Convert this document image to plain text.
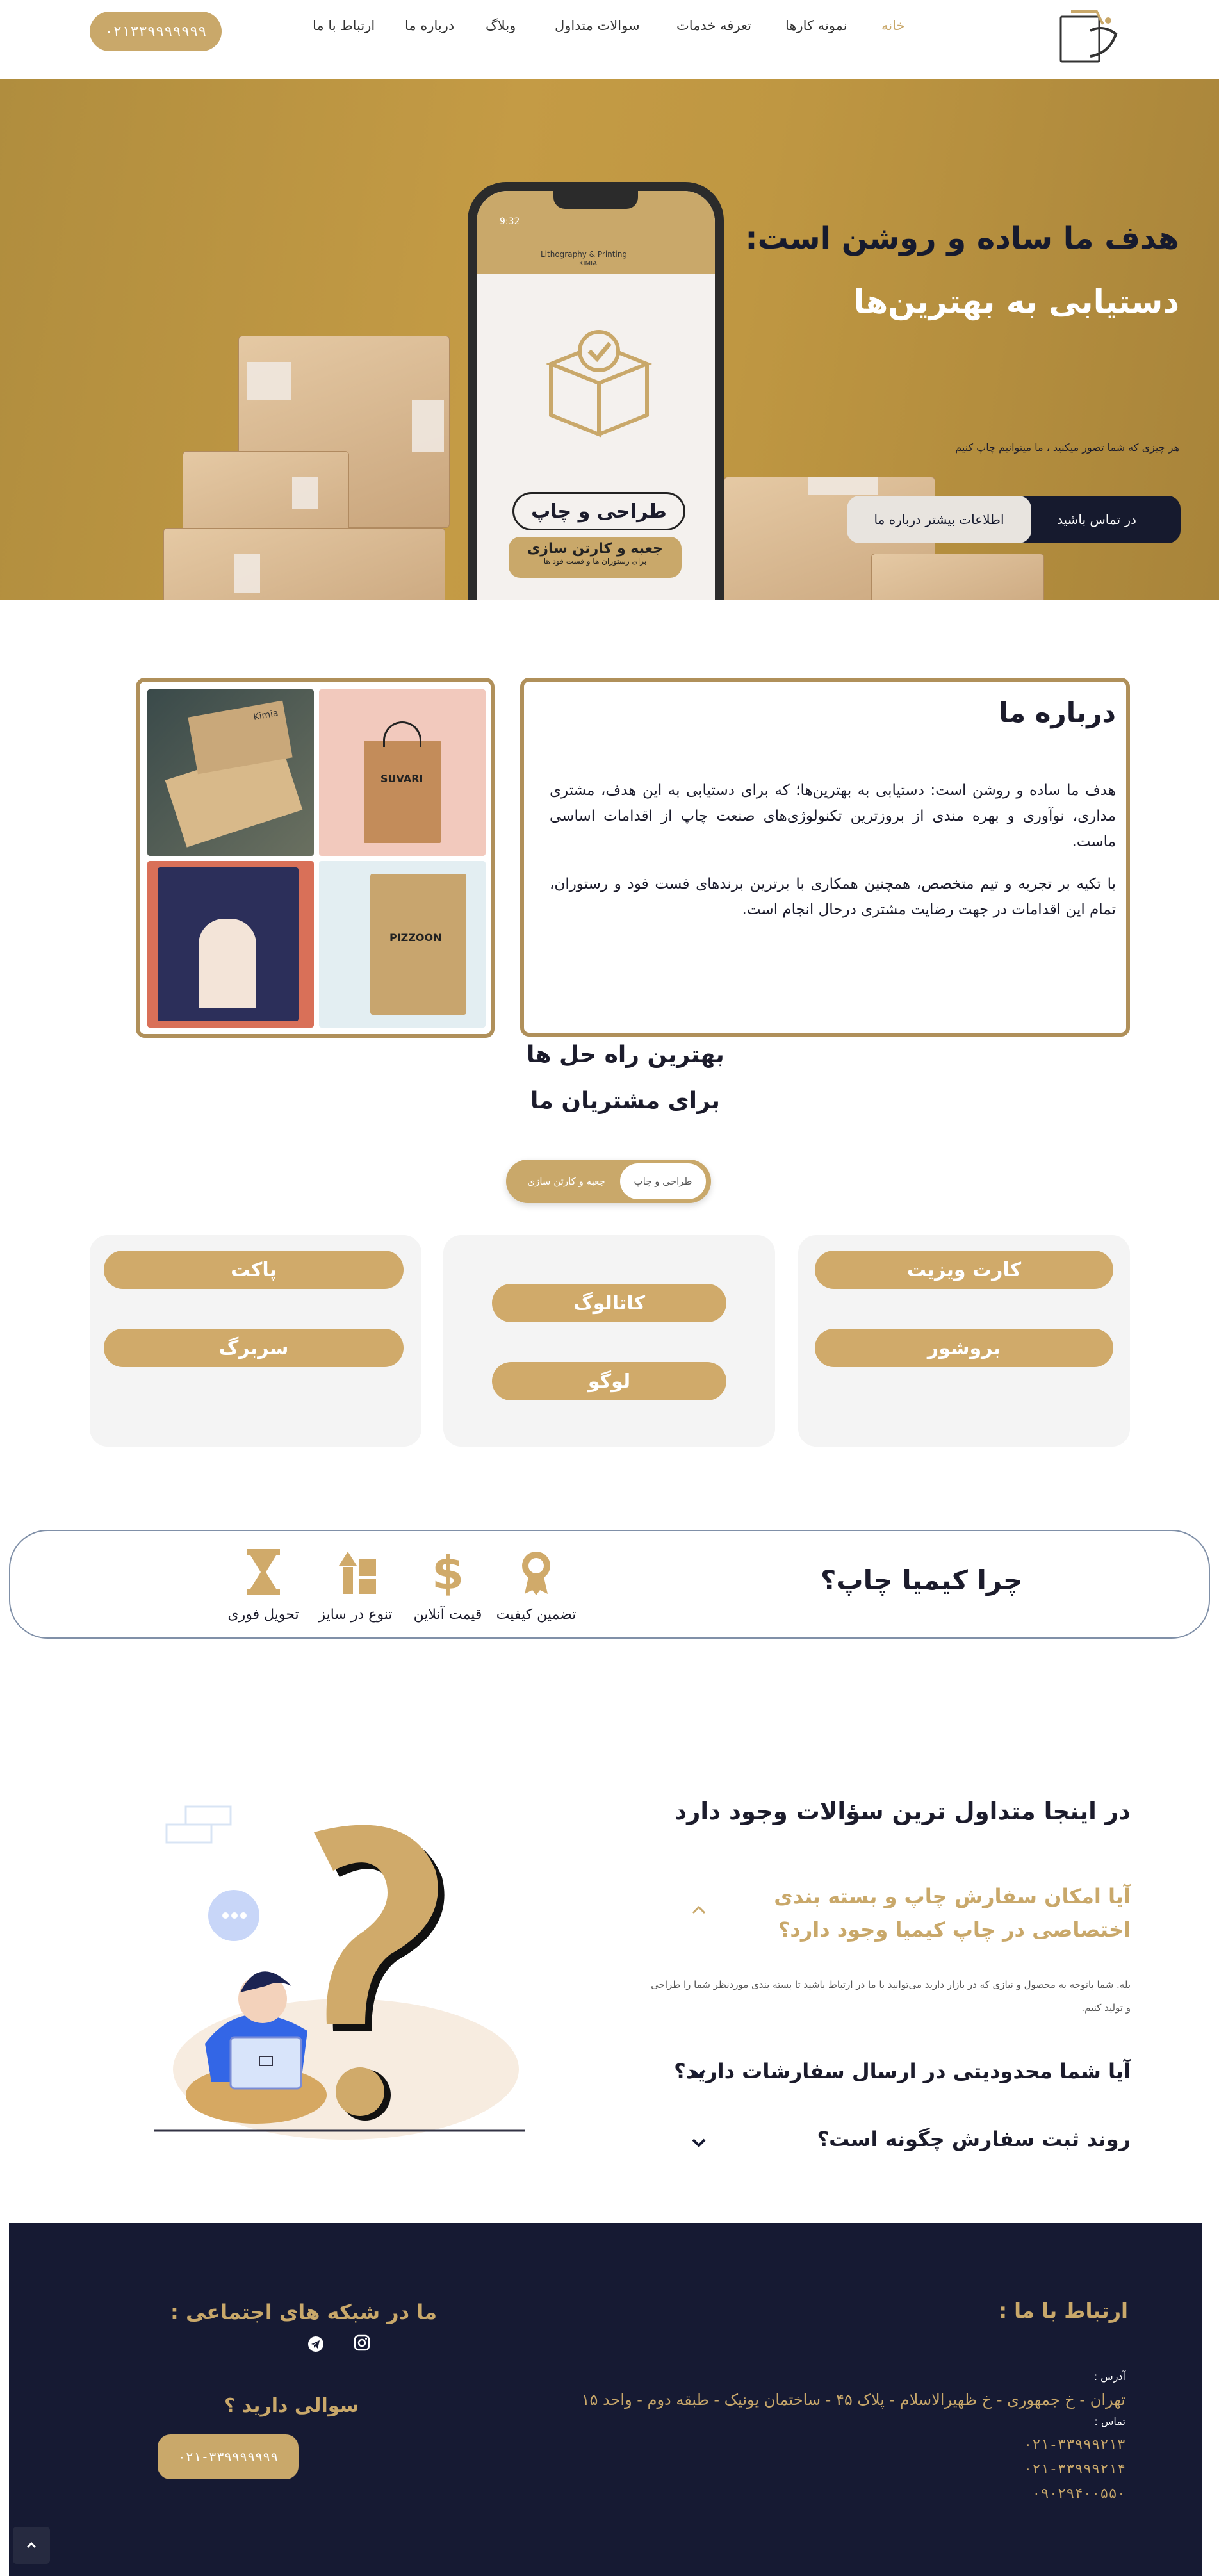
خانه
نمونه کارها
تعرفه خدمات
سوالات متداول
وبلاگ
درباره ما
ارتباط با ما
۰۲۱۳۳۹۹۹۹۹۹۹
9:32
Lithography & Printing
KIMIA
طراحی و چاپ
جعبه و کارتن سازی
برای رستوران ها و فست فود ها
هدف ما ساده و روشن است:
دستیابی به بهترین‌ها
هر چیزی که شما تصور میکنید ، ما میتوانیم چاپ کنیم
در تماس باشید
اطلاعات بیشتر درباره ما
درباره ما

هدف ما ساده و روشن است: دستیابی به بهترین‌ها؛ که برای دستیابی به این هدف، مشتری مداری، نوآوری و بهره مندی از بروزترین تکنولوژی‌های صنعت چاپ از اقدامات اساسی ماست.

با تکیه بر تجربه و تیم متخصص، همچنین همکاری با برترین برندهای فست فود و رستوران، تمام این اقدامات در جهت رضایت مشتری درحال انجام است.

Kimia
SUVARI
PIZZOON
بهترین راه حل ها
برای مشتریان ما
طراحی و چاپ
جعبه و کارتن سازی
کارت ویزیت
بروشور
کاتالوگ
لوگو
پاکت
سربرگ
چرا کیمیا چاپ؟
تضمین کیفیت
$
قیمت آنلاین
تنوع در سایز
تحویل فوری
در اینجا متداول ترین سؤالات وجود دارد
آیا امکان سفارش چاپ و بسته بندی اختصاصی در چاپ کیمیا وجود دارد؟
بله. شما باتوجه به محصول و نیازی که در بازار دارید می‌توانید با ما در ارتباط باشید تا بسته بندی موردنظر شما را طراحی و تولید کنیم.
آیا شما محدودیتی در ارسال سفارشات دارید؟
روند ثبت سفارش چگونه است؟
ارتباط با ما :
آدرس :
تهران - خ جمهوری - خ ظهیرالاسلام - پلاک ۴۵ - ساختمان یونیک - طبقه دوم - واحد ۱۵
تماس :
۰۲۱-۳۳۹۹۹۲۱۳
۰۲۱-۳۳۹۹۹۲۱۴
۰۹۰۲۹۴۰۰۵۵۰
ما در شبکه های اجتماعی :
سوالی دارید ؟
۰۲۱-۳۳۹۹۹۹۹۹۹
